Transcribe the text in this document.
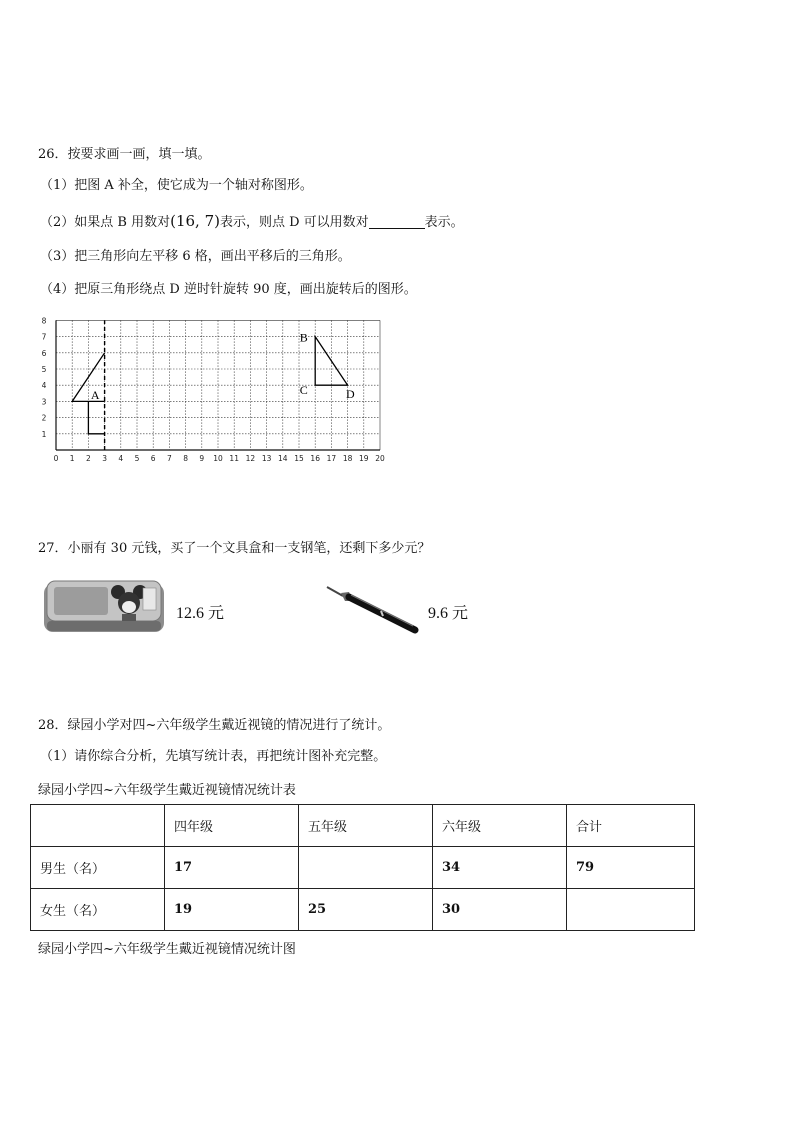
26．按要求画一画，填一填。
（1）把图 A 补全，使它成为一个轴对称图形。
（2）如果点 B 用数对(16, 7)表示，则点 D 可以用数对	表示。
（3）把三角形向左平移 6 格，画出平移后的三角形。
（4）把原三角形绕点 D 逆时针旋转 90 度，画出旋转后的图形。
0 1 2 3 4 5 6 7 8 9 10 11 12 13 14 15 16 17 18 19 20
1
2
3
4
5
6
7
8
A
B
C	D
27．小丽有 30 元钱，买了一个文具盒和一支钢笔，还剩下多少元？
12.6 元	9.6 元
28．绿园小学对四~六年级学生戴近视镜的情况进行了统计。
（1）请你综合分析，先填写统计表，再把统计图补充完整。
绿园小学四~六年级学生戴近视镜情况统计表
	四年级	五年级	六年级	合计
男生（名）	17		34	79
女生（名）	19	25	30	
绿园小学四~六年级学生戴近视镜情况统计图
